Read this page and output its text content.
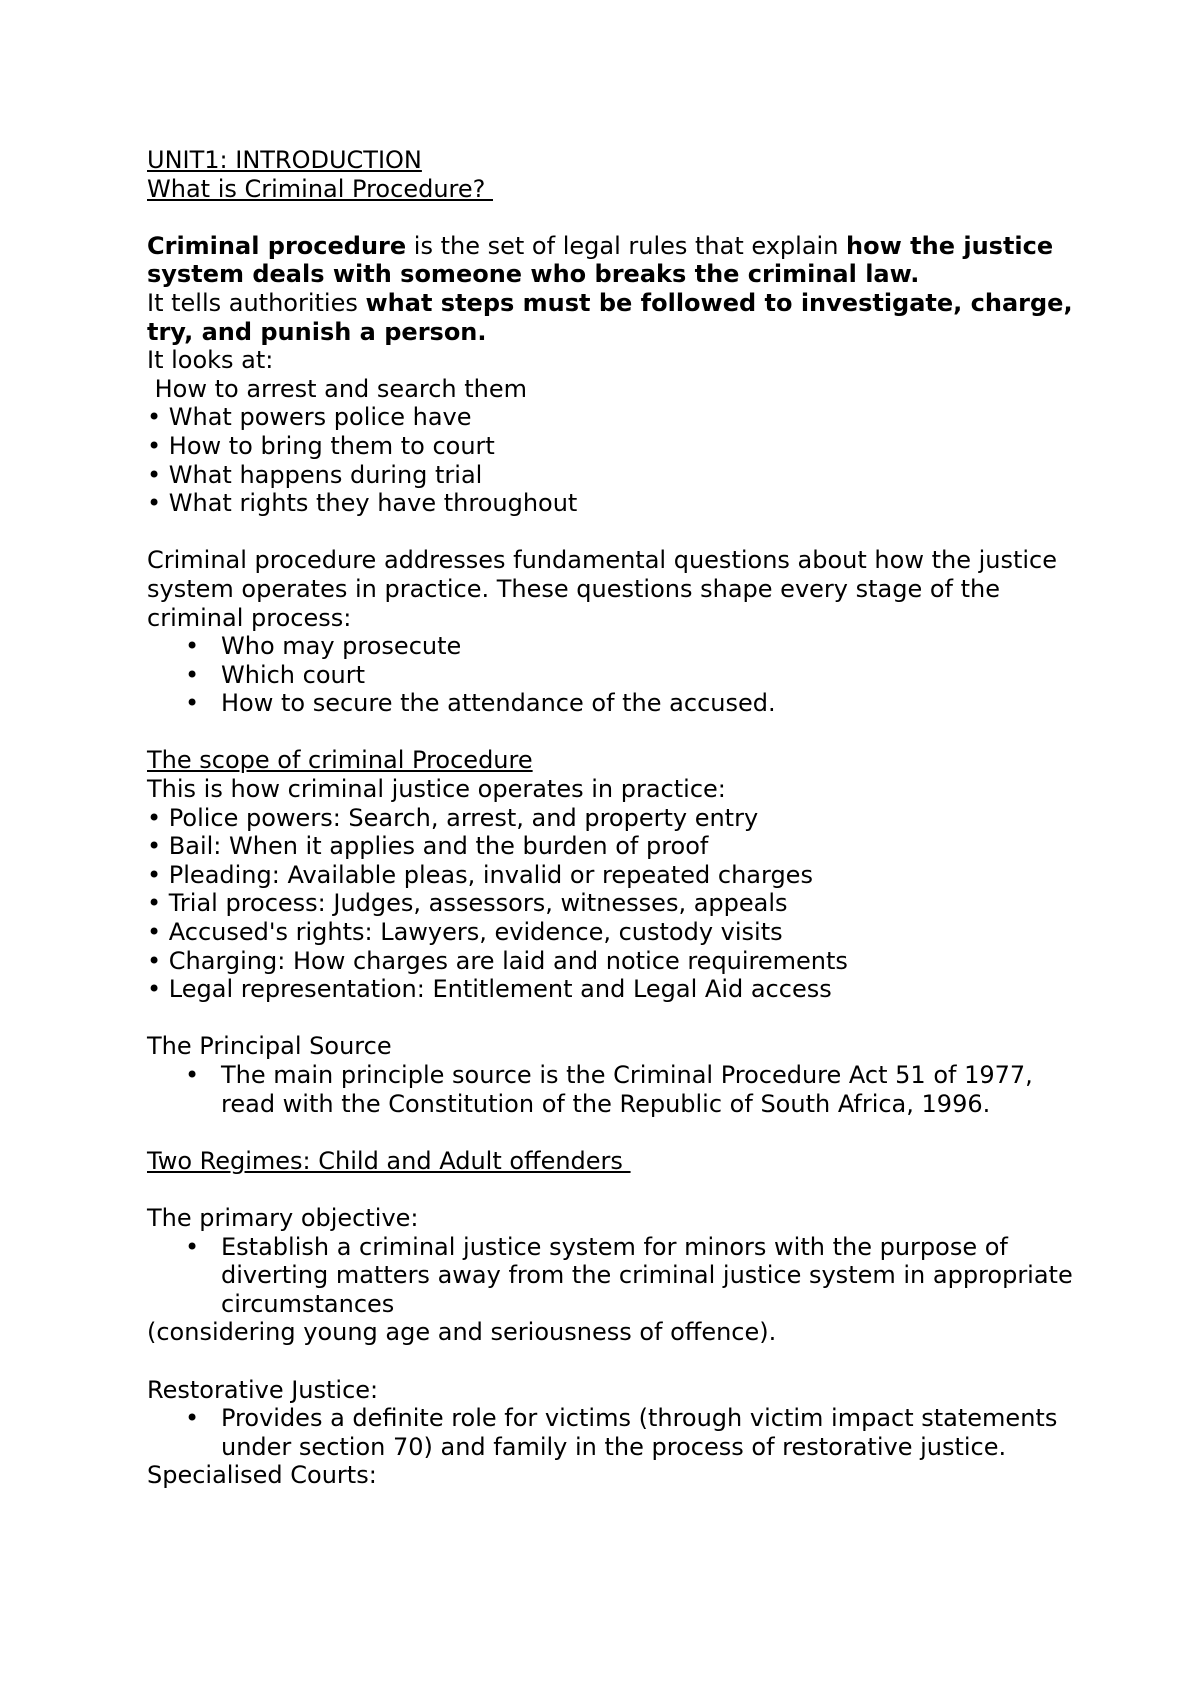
UNIT1: INTRODUCTION
What is Criminal Procedure?
Criminal procedure is the set of legal rules that explain how the justice system deals with someone who breaks the criminal law.
It tells authorities what steps must be followed to investigate, charge, try, and punish a person.
It looks at:
How to arrest and search them
• What powers police have
• How to bring them to court
• What happens during trial
• What rights they have throughout
Criminal procedure addresses fundamental questions about how the justice system operates in practice. These questions shape every stage of the criminal process:
• Who may prosecute
• Which court
• How to secure the attendance of the accused.
The scope of criminal Procedure
This is how criminal justice operates in practice:
• Police powers: Search, arrest, and property entry
• Bail: When it applies and the burden of proof
• Pleading: Available pleas, invalid or repeated charges
• Trial process: Judges, assessors, witnesses, appeals
• Accused's rights: Lawyers, evidence, custody visits
• Charging: How charges are laid and notice requirements
• Legal representation: Entitlement and Legal Aid access
The Principal Source
• The main principle source is the Criminal Procedure Act 51 of 1977, read with the Constitution of the Republic of South Africa, 1996.
Two Regimes: Child and Adult offenders
The primary objective:
• Establish a criminal justice system for minors with the purpose of diverting matters away from the criminal justice system in appropriate circumstances
(considering young age and seriousness of offence).
Restorative Justice:
• Provides a definite role for victims (through victim impact statements under section 70) and family in the process of restorative justice.
Specialised Courts:
